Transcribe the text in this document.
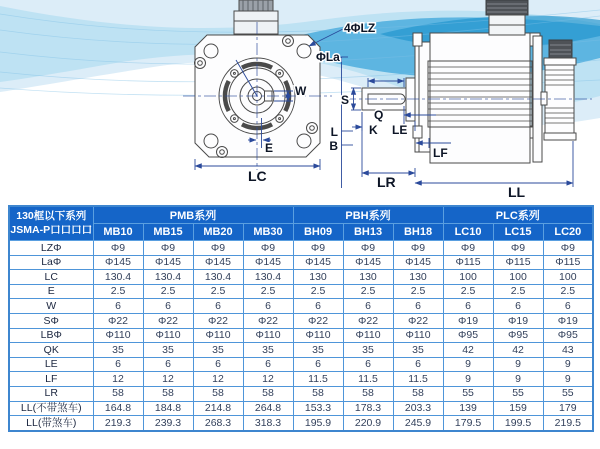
4ΦLZ
ΦLa
W
E
LC
S
Q
K LE
L
B	LF
LR
LL
130框以下系列
JSMA-P口口口口	PMB系列				PBH系列			PLC系列		
	MB10	MB15	MB20	MB30	BH09	BH13	BH18	LC10	LC15	LC20
LZΦ	Φ9	Φ9	Φ9	Φ9	Φ9	Φ9	Φ9	Φ9	Φ9	Φ9
LaΦ	Φ145	Φ145	Φ145	Φ145	Φ145	Φ145	Φ145	Φ115	Φ115	Φ115
LC	130.4	130.4	130.4	130.4	130	130	130	100	100	100
E	2.5	2.5	2.5	2.5	2.5	2.5	2.5	2.5	2.5	2.5
W	6	6	6	6	6	6	6	6	6	6
SΦ	Φ22	Φ22	Φ22	Φ22	Φ22	Φ22	Φ22	Φ19	Φ19	Φ19
LBΦ	Φ110	Φ110	Φ110	Φ110	Φ110	Φ110	Φ110	Φ95	Φ95	Φ95
QK	35	35	35	35	35	35	35	42	42	43
LE	6	6	6	6	6	6	6	9	9	9
LF	12	12	12	12	11.5	11.5	11.5	9	9	9
LR	58	58	58	58	58	58	58	55	55	55
LL(不带煞车)	164.8	184.8	214.8	264.8	153.3	178.3	203.3	139	159	179
LL(带煞车)	219.3	239.3	268.3	318.3	195.9	220.9	245.9	179.5	199.5	219.5
